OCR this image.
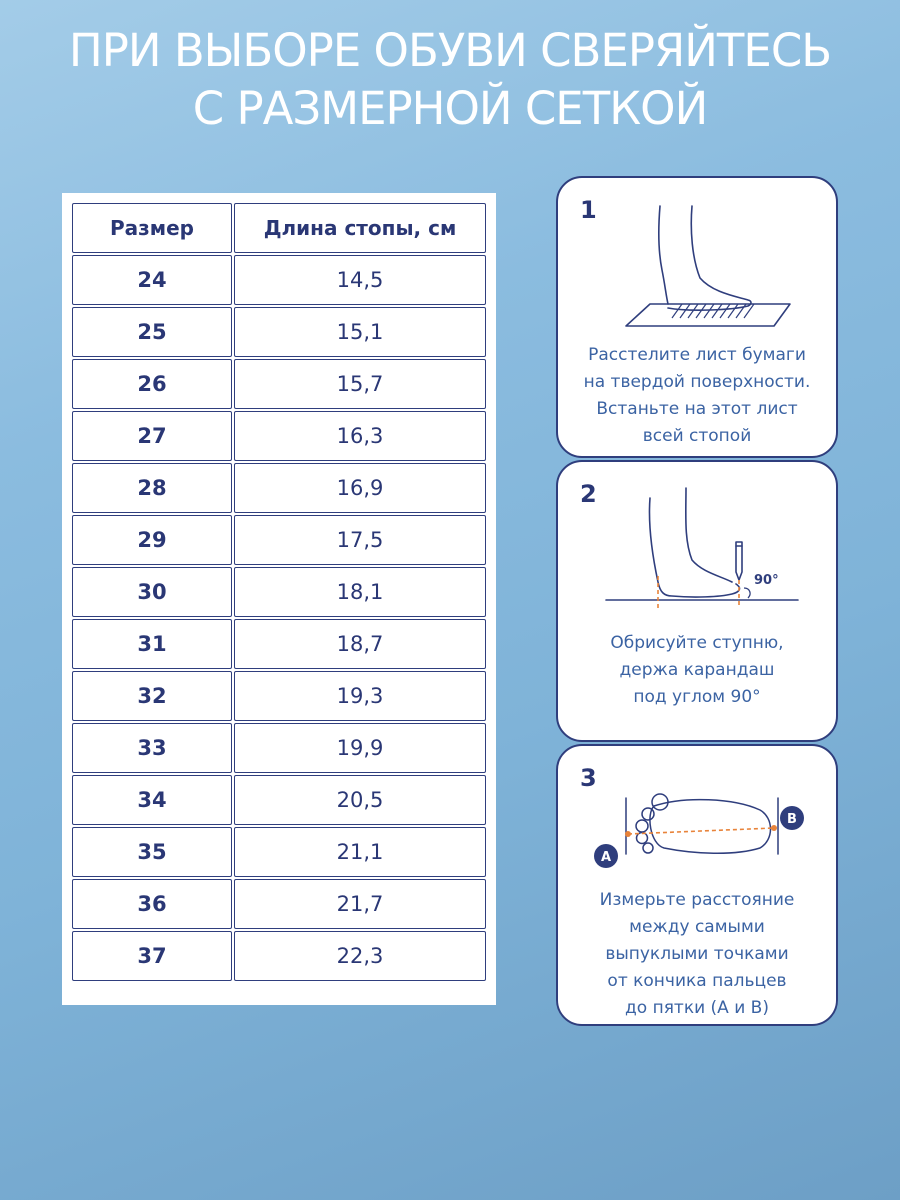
ПРИ ВЫБОРЕ ОБУВИ СВЕРЯЙТЕСЬ
С РАЗМЕРНОЙ СЕТКОЙ
Размер	Длина стопы, см
24	14,5
25	15,1
26	15,7
27	16,3
28	16,9
29	17,5
30	18,1
31	18,7
32	19,3
33	19,9
34	20,5
35	21,1
36	21,7
37	22,3
1
Расстелите лист бумаги
на твердой поверхности.
Встаньте на этот лист
всей стопой
2
90°
Обрисуйте ступню,
держа карандаш
под углом 90°
3
A
B
Измерьте расстояние
между самыми
выпуклыми точками
от кончика пальцев
до пятки (А и В)
